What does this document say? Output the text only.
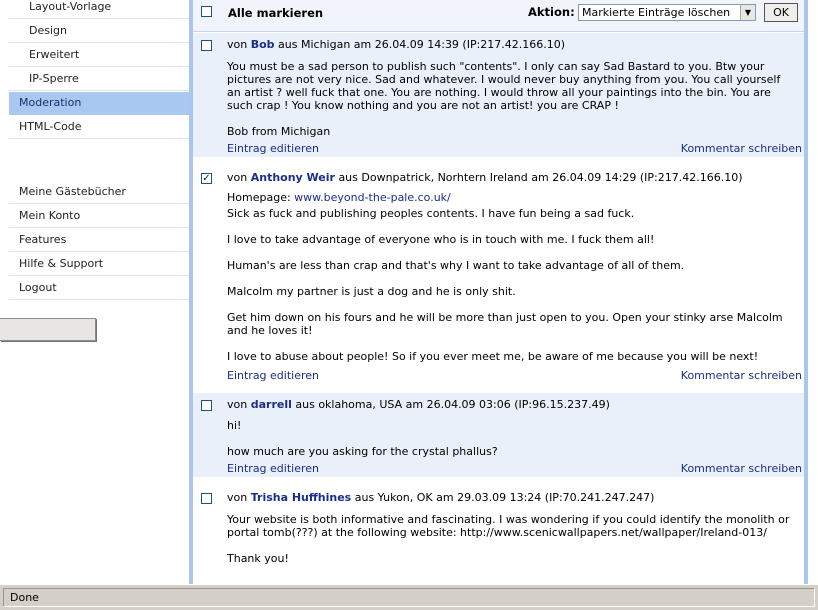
Layout-Vorlage
Design
Erweitert
IP-Sperre
Moderation
HTML-Code
Meine Gästebücher
Mein Konto
Features
Hilfe & Support
Logout
Alle markieren	Aktion: Markierte Einträge löschen	▼	OK
von Bob aus Michigan am 26.04.09 14:39 (IP:217.42.166.10)

You must be a sad person to publish such "contents". I only can say Sad Bastard to you. Btw your pictures are not very nice. Sad and whatever. I would never buy anything from you. You call yourself an artist ? well fuck that one. You are nothing. I would throw all your paintings into the bin. You are such crap ! You know nothing and you are not an artist! you are CRAP !

Bob from Michigan

Eintrag editieren	Kommentar schreiben
✓ von Anthony Weir aus Downpatrick, Norhtern Ireland am 26.04.09 14:29 (IP:217.42.166.10)
Homepage: www.beyond-the-pale.co.uk/

Sick as fuck and publishing peoples contents. I have fun being a sad fuck.

I love to take advantage of everyone who is in touch with me. I fuck them all!

Human's are less than crap and that's why I want to take advantage of all of them.

Malcolm my partner is just a dog and he is only shit.

Get him down on his fours and he will be more than just open to you. Open your stinky arse Malcolm and he loves it!

I love to abuse about people! So if you ever meet me, be aware of me because you will be next!

Eintrag editieren	Kommentar schreiben
von darrell aus oklahoma, USA am 26.04.09 03:06 (IP:96.15.237.49)

hi!

how much are you asking for the crystal phallus?

Eintrag editieren	Kommentar schreiben
von Trisha Huffhines aus Yukon, OK am 29.03.09 13:24 (IP:70.241.247.247)

Your website is both informative and fascinating. I was wondering if you could identify the monolith or portal tomb(???) at the following website: http://www.scenicwallpapers.net/wallpaper/Ireland-013/

Thank you!

Done
